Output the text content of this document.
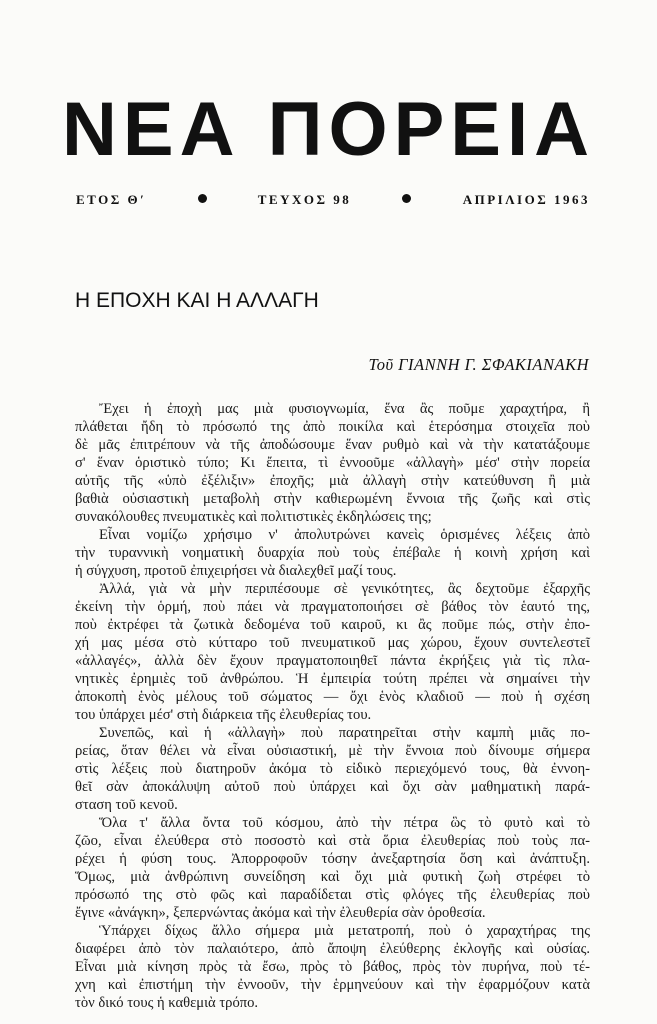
ΝΕΑ ΠΟΡΕΙΑ
ΕΤΟΣ Θʹ	ΤΕΥΧΟΣ 98	ΑΠΡΙΛΙΟΣ 1963
Η ΕΠΟΧΗ ΚΑΙ Η ΑΛΛΑΓΗ
Τοῦ ΓΙΑΝΝΗ Γ. ΣΦΑΚΙΑΝΑΚΗ
Ἔχει ἡ ἐποχὴ μας μιὰ φυσιογνωμία, ἕνα ἂς ποῦμε χαραχτήρα, ἢ
πλάθεται ἤδη τὸ πρόσωπό της ἀπὸ ποικίλα καὶ ἑτερόσημα στοιχεῖα ποὺ
δὲ μᾶς ἐπιτρέπουν νὰ τῆς ἀποδώσουμε ἕναν ρυθμὸ καὶ νὰ τὴν κατατάξουμε
σ' ἕναν ὁριστικὸ τύπο; Κι ἔπειτα, τὶ ἐννοοῦμε «ἀλλαγὴ» μέσ' στὴν πορεία
αὐτῆς τῆς «ὑπὸ ἐξέλιξιν» ἐποχῆς; μιὰ ἀλλαγὴ στὴν κατεύθυνση ἢ μιὰ
βαθιὰ οὐσιαστικὴ μεταβολὴ στὴν καθιερωμένη ἔννοια τῆς ζωῆς καὶ στὶς
συνακόλουθες πνευματικὲς καὶ πολιτιστικὲς ἐκδηλώσεις της;
Εἶναι νομίζω χρήσιμο ν' ἀπολυτρώνει κανεὶς ὁρισμένες λέξεις ἀπὸ
τὴν τυραννικὴ νοηματικὴ δυαρχία ποὺ τοὺς ἐπέβαλε ἡ κοινὴ χρήση καὶ
ἡ σύγχυση, προτοῦ ἐπιχειρήσει νὰ διαλεχθεῖ μαζί τους.
Ἀλλά, γιὰ νὰ μὴν περιπέσουμε σὲ γενικότητες, ἂς δεχτοῦμε ἐξαρχῆς
ἐκείνη τὴν ὁρμή, ποὺ πάει νὰ πραγματοποιήσει σὲ βάθος τὸν ἑαυτό της,
ποὺ ἐκτρέφει τὰ ζωτικὰ δεδομένα τοῦ καιροῦ, κι ἂς ποῦμε πώς, στὴν ἐπο-
χή μας μέσα στὸ κύτταρο τοῦ πνευματικοῦ μας χώρου, ἔχουν συντελεστεῖ
«ἀλλαγές», ἀλλὰ δὲν ἔχουν πραγματοποιηθεῖ πάντα ἐκρήξεις γιὰ τὶς πλα-
νητικὲς ἐρημιὲς τοῦ ἀνθρώπου. Ἡ ἐμπειρία τούτη πρέπει νὰ σημαίνει τὴν
ἀποκοπὴ ἑνὸς μέλους τοῦ σώματος — ὄχι ἑνὸς κλαδιοῦ — ποὺ ἡ σχέση
του ὑπάρχει μέσ' στὴ διάρκεια τῆς ἐλευθερίας του.
Συνεπῶς, καὶ ἡ «ἀλλαγὴ» ποὺ παρατηρεῖται στὴν καμπὴ μιᾶς πο-
ρείας, ὅταν θέλει νὰ εἶναι οὐσιαστική, μὲ τὴν ἔννοια ποὺ δίνουμε σήμερα
στὶς λέξεις ποὺ διατηροῦν ἀκόμα τὸ εἰδικὸ περιεχόμενό τους, θὰ ἐννοη-
θεῖ σὰν ἀποκάλυψη αὐτοῦ ποὺ ὑπάρχει καὶ ὄχι σὰν μαθηματικὴ παρά-
σταση τοῦ κενοῦ.
Ὅλα τ' ἄλλα ὄντα τοῦ κόσμου, ἀπὸ τὴν πέτρα ὣς τὸ φυτὸ καὶ τὸ
ζῶο, εἶναι ἐλεύθερα στὸ ποσοστὸ καὶ στὰ ὅρια ἐλευθερίας ποὺ τοὺς πα-
ρέχει ἡ φύση τους. Ἀπορροφοῦν τόσην ἀνεξαρτησία ὅση καὶ ἀνάπτυξη.
Ὅμως, μιὰ ἀνθρώπινη συνείδηση καὶ ὄχι μιὰ φυτικὴ ζωὴ στρέφει τὸ
πρόσωπό της στὸ φῶς καὶ παραδίδεται στὶς φλόγες τῆς ἐλευθερίας ποὺ
ἔγινε «ἀνάγκη», ξεπερνώντας ἀκόμα καὶ τὴν ἐλευθερία σὰν ὁροθεσία.
Ὑπάρχει δίχως ἄλλο σήμερα μιὰ μετατροπή, ποὺ ὁ χαραχτήρας της
διαφέρει ἀπὸ τὸν παλαιότερο, ἀπὸ ἄποψη ἐλεύθερης ἐκλογῆς καὶ οὐσίας.
Εἶναι μιὰ κίνηση πρὸς τὰ ἔσω, πρὸς τὸ βάθος, πρὸς τὸν πυρήνα, ποὺ τέ-
χνη καὶ ἐπιστήμη τὴν ἐννοοῦν, τὴν ἑρμηνεύουν καὶ τὴν ἐφαρμόζουν κατὰ
τὸν δικό τους ἡ καθεμιὰ τρόπο.
